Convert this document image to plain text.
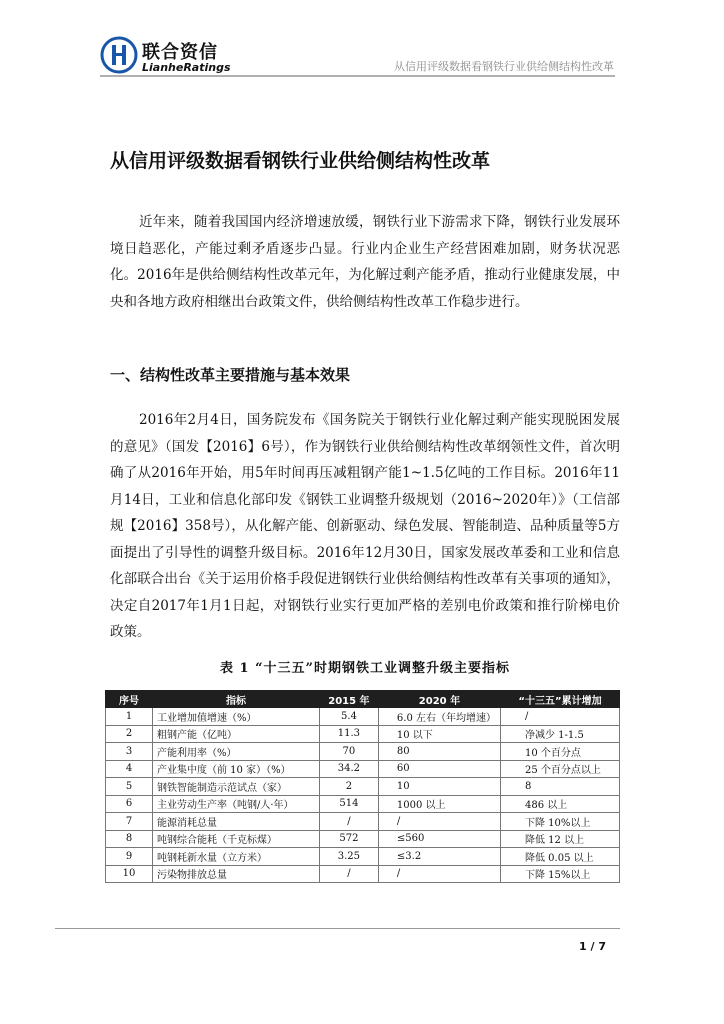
联合资信
LianheRatings	从信用评级数据看钢铁行业供给侧结构性改革
从信用评级数据看钢铁行业供给侧结构性改革

近年来，随着我国国内经济增速放缓，钢铁行业下游需求下降，钢铁行业发展环境日趋恶化，产能过剩矛盾逐步凸显。行业内企业生产经营困难加剧，财务状况恶化。2016年是供给侧结构性改革元年，为化解过剩产能矛盾，推动行业健康发展，中央和各地方政府相继出台政策文件，供给侧结构性改革工作稳步进行。

一、结构性改革主要措施与基本效果

2016年2月4日，国务院发布《国务院关于钢铁行业化解过剩产能实现脱困发展的意见》（国发【2016】6号），作为钢铁行业供给侧结构性改革纲领性文件，首次明确了从2016年开始，用5年时间再压减粗钢产能1~1.5亿吨的工作目标。2016年11月14日，工业和信息化部印发《钢铁工业调整升级规划（2016~2020年）》（工信部规【2016】358号），从化解产能、创新驱动、绿色发展、智能制造、品种质量等5方面提出了引导性的调整升级目标。2016年12月30日，国家发展改革委和工业和信息化部联合出台《关于运用价格手段促进钢铁行业供给侧结构性改革有关事项的通知》，决定自2017年1月1日起，对钢铁行业实行更加严格的差别电价政策和推行阶梯电价政策。

表 1 “十三五”时期钢铁工业调整升级主要指标
序号	指标	2015 年	2020 年	“十三五”累计增加
1	工业增加值增速（%）	5.4	6.0 左右（年均增速）	/
2	粗钢产能（亿吨）	11.3	10 以下	净减少 1-1.5
3	产能利用率（%）	70	80	10 个百分点
4	产业集中度（前 10 家）（%）	34.2	60	25 个百分点以上
5	钢铁智能制造示范试点（家）	2	10	8
6	主业劳动生产率（吨钢/人·年）	514	1000 以上	486 以上
7	能源消耗总量	/	/	下降 10%以上
8	吨钢综合能耗（千克标煤）	572	≤560	降低 12 以上
9	吨钢耗新水量（立方米）	3.25	≤3.2	降低 0.05 以上
10	污染物排放总量	/	/	下降 15%以上
1 / 7
